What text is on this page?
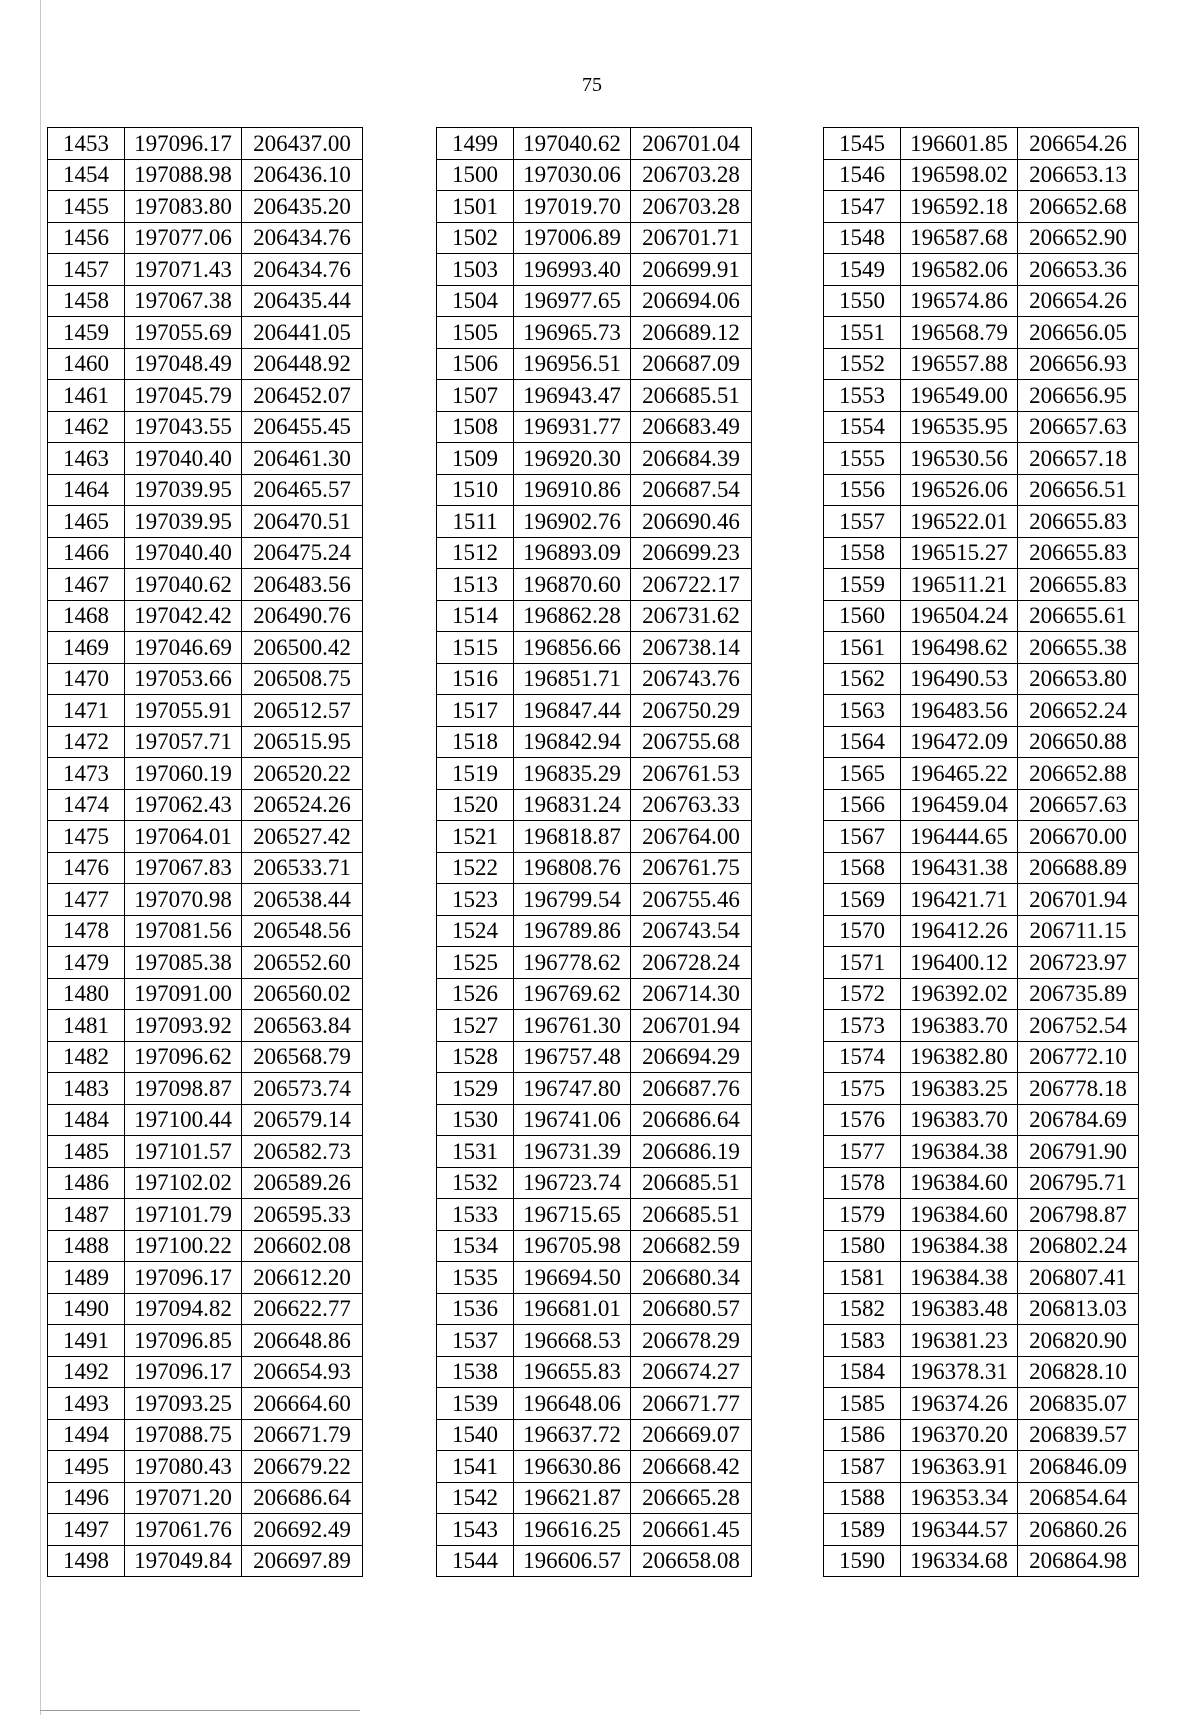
75
1453	197096.17	206437.00
1454	197088.98	206436.10
1455	197083.80	206435.20
1456	197077.06	206434.76
1457	197071.43	206434.76
1458	197067.38	206435.44
1459	197055.69	206441.05
1460	197048.49	206448.92
1461	197045.79	206452.07
1462	197043.55	206455.45
1463	197040.40	206461.30
1464	197039.95	206465.57
1465	197039.95	206470.51
1466	197040.40	206475.24
1467	197040.62	206483.56
1468	197042.42	206490.76
1469	197046.69	206500.42
1470	197053.66	206508.75
1471	197055.91	206512.57
1472	197057.71	206515.95
1473	197060.19	206520.22
1474	197062.43	206524.26
1475	197064.01	206527.42
1476	197067.83	206533.71
1477	197070.98	206538.44
1478	197081.56	206548.56
1479	197085.38	206552.60
1480	197091.00	206560.02
1481	197093.92	206563.84
1482	197096.62	206568.79
1483	197098.87	206573.74
1484	197100.44	206579.14
1485	197101.57	206582.73
1486	197102.02	206589.26
1487	197101.79	206595.33
1488	197100.22	206602.08
1489	197096.17	206612.20
1490	197094.82	206622.77
1491	197096.85	206648.86
1492	197096.17	206654.93
1493	197093.25	206664.60
1494	197088.75	206671.79
1495	197080.43	206679.22
1496	197071.20	206686.64
1497	197061.76	206692.49
1498	197049.84	206697.89
1499	197040.62	206701.04
1500	197030.06	206703.28
1501	197019.70	206703.28
1502	197006.89	206701.71
1503	196993.40	206699.91
1504	196977.65	206694.06
1505	196965.73	206689.12
1506	196956.51	206687.09
1507	196943.47	206685.51
1508	196931.77	206683.49
1509	196920.30	206684.39
1510	196910.86	206687.54
1511	196902.76	206690.46
1512	196893.09	206699.23
1513	196870.60	206722.17
1514	196862.28	206731.62
1515	196856.66	206738.14
1516	196851.71	206743.76
1517	196847.44	206750.29
1518	196842.94	206755.68
1519	196835.29	206761.53
1520	196831.24	206763.33
1521	196818.87	206764.00
1522	196808.76	206761.75
1523	196799.54	206755.46
1524	196789.86	206743.54
1525	196778.62	206728.24
1526	196769.62	206714.30
1527	196761.30	206701.94
1528	196757.48	206694.29
1529	196747.80	206687.76
1530	196741.06	206686.64
1531	196731.39	206686.19
1532	196723.74	206685.51
1533	196715.65	206685.51
1534	196705.98	206682.59
1535	196694.50	206680.34
1536	196681.01	206680.57
1537	196668.53	206678.29
1538	196655.83	206674.27
1539	196648.06	206671.77
1540	196637.72	206669.07
1541	196630.86	206668.42
1542	196621.87	206665.28
1543	196616.25	206661.45
1544	196606.57	206658.08
1545	196601.85	206654.26
1546	196598.02	206653.13
1547	196592.18	206652.68
1548	196587.68	206652.90
1549	196582.06	206653.36
1550	196574.86	206654.26
1551	196568.79	206656.05
1552	196557.88	206656.93
1553	196549.00	206656.95
1554	196535.95	206657.63
1555	196530.56	206657.18
1556	196526.06	206656.51
1557	196522.01	206655.83
1558	196515.27	206655.83
1559	196511.21	206655.83
1560	196504.24	206655.61
1561	196498.62	206655.38
1562	196490.53	206653.80
1563	196483.56	206652.24
1564	196472.09	206650.88
1565	196465.22	206652.88
1566	196459.04	206657.63
1567	196444.65	206670.00
1568	196431.38	206688.89
1569	196421.71	206701.94
1570	196412.26	206711.15
1571	196400.12	206723.97
1572	196392.02	206735.89
1573	196383.70	206752.54
1574	196382.80	206772.10
1575	196383.25	206778.18
1576	196383.70	206784.69
1577	196384.38	206791.90
1578	196384.60	206795.71
1579	196384.60	206798.87
1580	196384.38	206802.24
1581	196384.38	206807.41
1582	196383.48	206813.03
1583	196381.23	206820.90
1584	196378.31	206828.10
1585	196374.26	206835.07
1586	196370.20	206839.57
1587	196363.91	206846.09
1588	196353.34	206854.64
1589	196344.57	206860.26
1590	196334.68	206864.98
